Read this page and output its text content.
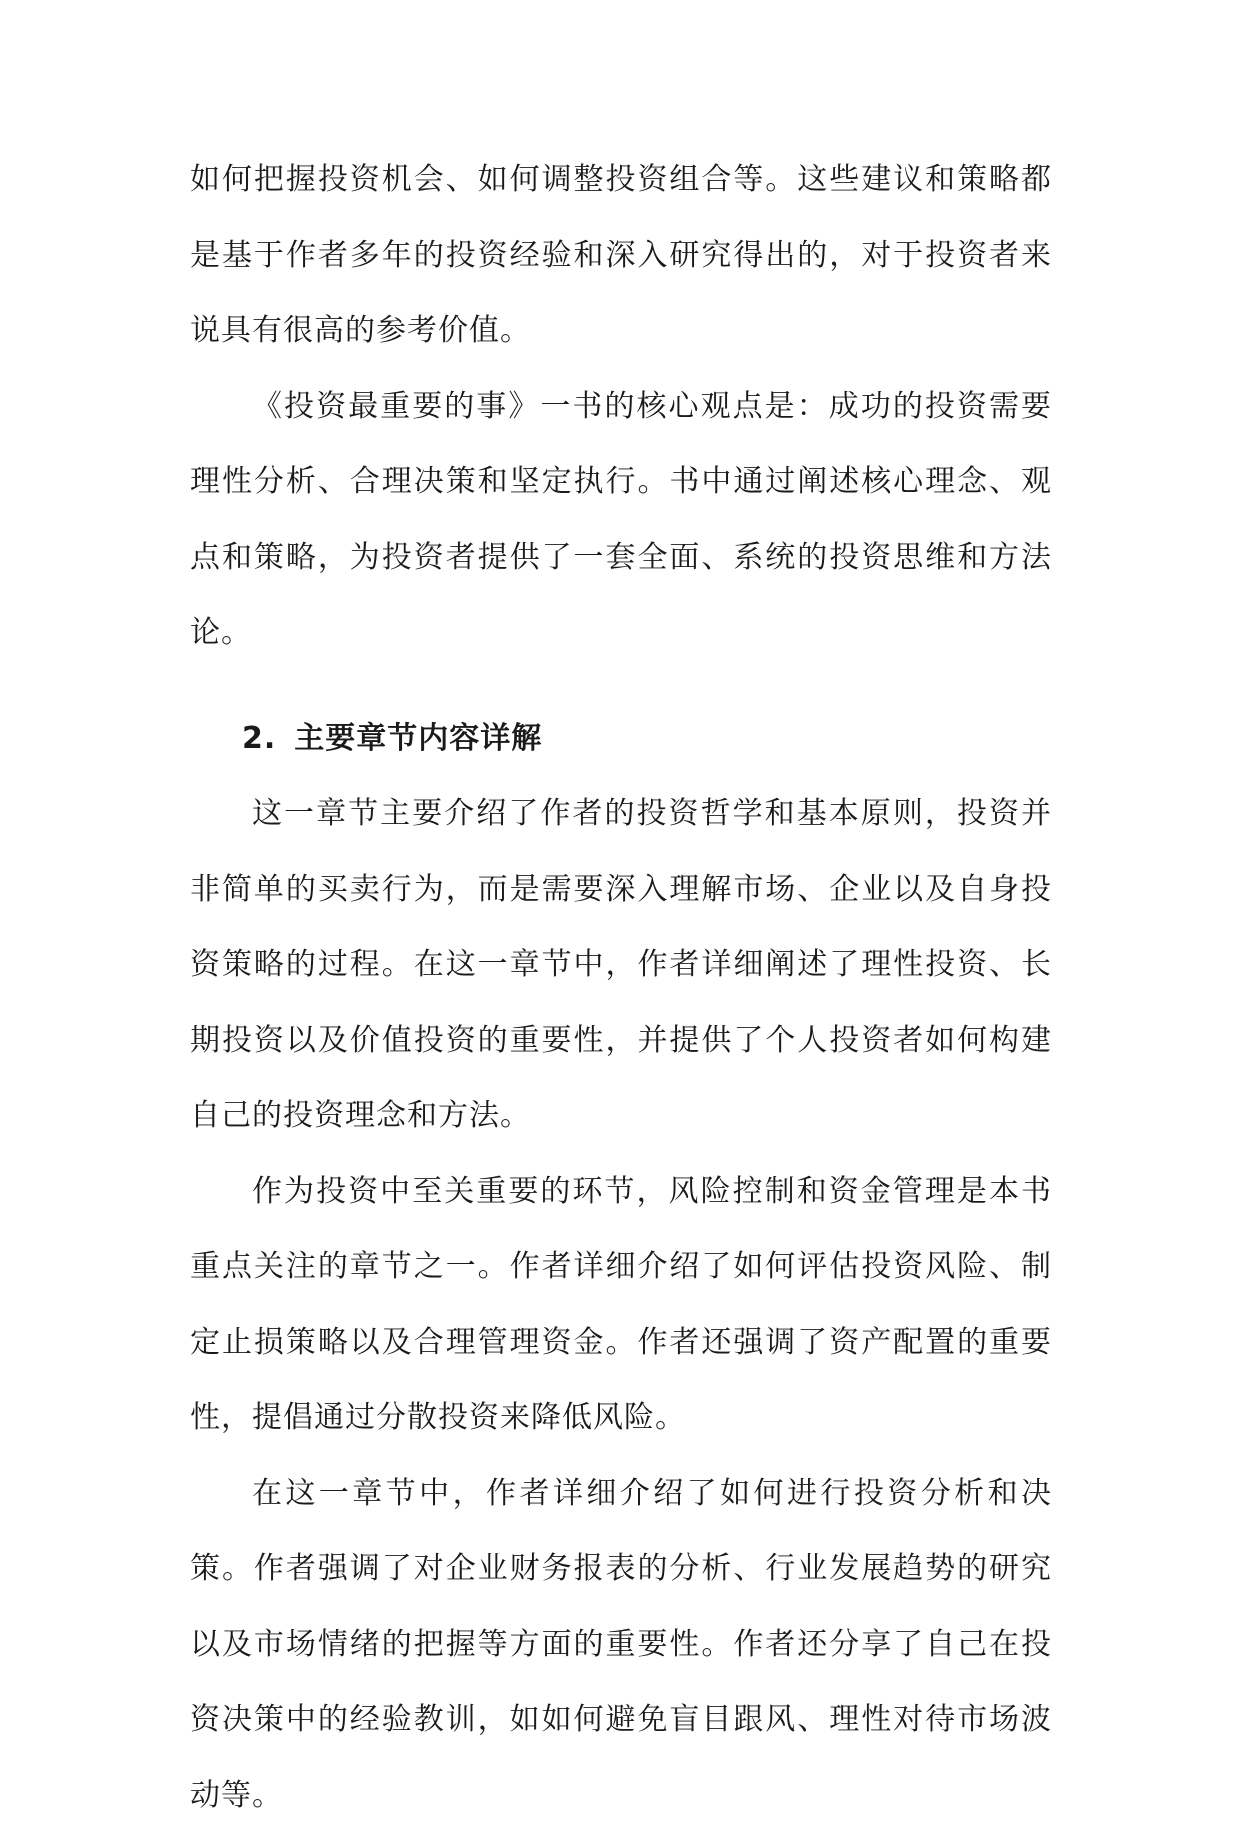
如何把握投资机会、如何调整投资组合等。这些建议和策略都是基于作者多年的投资经验和深入研究得出的，对于投资者来说具有很高的参考价值。

《投资最重要的事》一书的核心观点是：成功的投资需要理性分析、合理决策和坚定执行。书中通过阐述核心理念、观点和策略，为投资者提供了一套全面、系统的投资思维和方法论。

2. 主要章节内容详解

这一章节主要介绍了作者的投资哲学和基本原则，投资并非简单的买卖行为，而是需要深入理解市场、企业以及自身投资策略的过程。在这一章节中，作者详细阐述了理性投资、长期投资以及价值投资的重要性，并提供了个人投资者如何构建自己的投资理念和方法。

作为投资中至关重要的环节，风险控制和资金管理是本书重点关注的章节之一。作者详细介绍了如何评估投资风险、制定止损策略以及合理管理资金。作者还强调了资产配置的重要性，提倡通过分散投资来降低风险。

在这一章节中，作者详细介绍了如何进行投资分析和决策。作者强调了对企业财务报表的分析、行业发展趋势的研究以及市场情绪的把握等方面的重要性。作者还分享了自己在投资决策中的经验教训，如如何避免盲目跟风、理性对待市场波动等。
